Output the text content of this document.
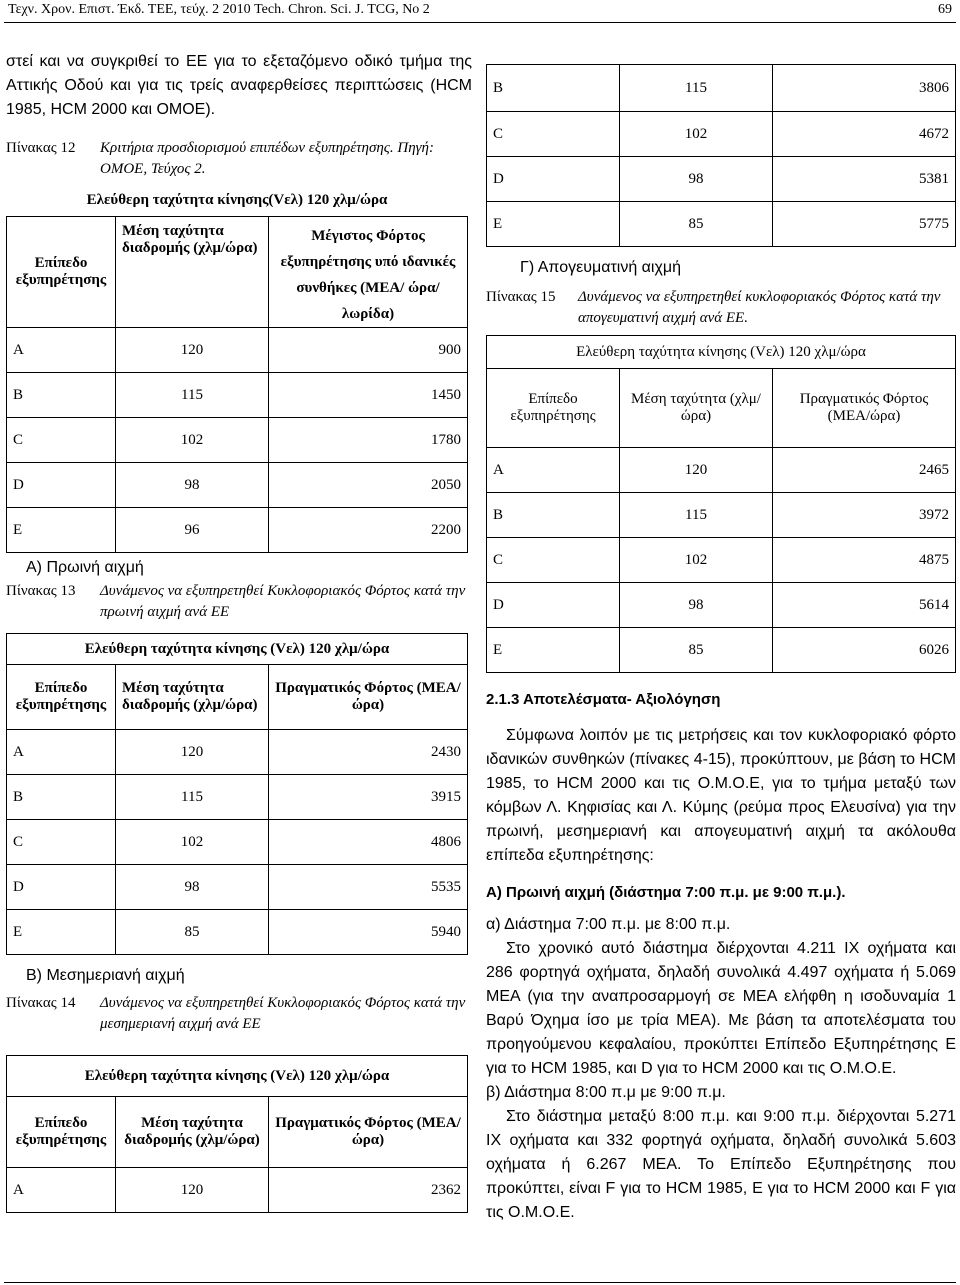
Τεχν. Χρον. Επιστ. Έκδ. ΤΕΕ, τεύχ. 2 2010 Tech. Chron. Sci. J. TCG, No 2	69
στεί και να συγκριθεί το ΕΕ για το εξεταζόμενο οδικό τμήμα της Αττικής Οδού και για τις τρείς αναφερθείσες περιπτώσεις (HCM 1985, HCM 2000 και ΟΜΟΕ).
Πίνακας 12	Κριτήρια προσδιορισμού επιπέδων εξυπηρέτησης. Πηγή: ΟΜΟΕ, Τεύχος 2.
Ελεύθερη ταχύτητα κίνησης(Vελ) 120 χλμ/ώρα		
Επίπεδο εξυπηρέτησης	Μέση ταχύτητα διαδρομής (χλμ/ώρα)	Μέγιστος Φόρτος εξυπηρέτησης υπό ιδανικές συνθήκες (ΜΕΑ/ ώρα/λωρίδα)
A	120	900
B	115	1450
C	102	1780
D	98	2050
E	96	2200
Α) Πρωινή αιχμή
Πίνακας 13	Δυνάμενος να εξυπηρετηθεί Κυκλοφοριακός Φόρτος κατά την πρωινή αιχμή ανά ΕΕ
Ελεύθερη ταχύτητα κίνησης (Vελ) 120 χλμ/ώρα		
Επίπεδο εξυπηρέτησης	Μέση ταχύτητα διαδρομής (χλμ/ώρα)	Πραγματικός Φόρτος (ΜΕΑ/ώρα)
A	120	2430
B	115	3915
C	102	4806
D	98	5535
E	85	5940
Β) Μεσημεριανή αιχμή
Πίνακας 14	Δυνάμενος να εξυπηρετηθεί Κυκλοφοριακός Φόρτος κατά την μεσημεριανή αιχμή ανά ΕΕ
Ελεύθερη ταχύτητα κίνησης (Vελ) 120 χλμ/ώρα		
Επίπεδο εξυπηρέτησης	Μέση ταχύτητα διαδρομής (χλμ/ώρα)	Πραγματικός Φόρτος (ΜΕΑ/ώρα)
A	120	2362
B	115	3806
C	102	4672
D	98	5381
E	85	5775
Γ) Απογευματινή αιχμή
Πίνακας 15	Δυνάμενος να εξυπηρετηθεί κυκλοφοριακός Φόρτος κατά την απογευματινή αιχμή ανά ΕΕ.
Ελεύθερη ταχύτητα κίνησης (Vελ) 120 χλμ/ώρα		
Επίπεδο εξυπηρέτησης	Μέση ταχύτητα (χλμ/ώρα)	Πραγματικός Φόρτος (ΜΕΑ/ώρα)
A	120	2465
B	115	3972
C	102	4875
D	98	5614
E	85	6026
2.1.3 Αποτελέσματα- Αξιολόγηση
Σύμφωνα λοιπόν με τις μετρήσεις και τον κυκλοφοριακό φόρτο ιδανικών συνθηκών (πίνακες 4-15), προκύπτουν, με βάση το HCM 1985, το HCM 2000 και τις Ο.Μ.Ο.Ε, για το τμήμα μεταξύ των κόμβων Λ. Κηφισίας και Λ. Κύμης (ρεύμα προς Ελευσίνα) για την πρωινή, μεσημεριανή και απογευματινή αιχμή τα ακόλουθα επίπεδα εξυπηρέτησης:
Α) Πρωινή αιχμή (διάστημα 7:00 π.μ. με 9:00 π.μ.).
α) Διάστημα 7:00 π.μ. με 8:00 π.μ.
Στο χρονικό αυτό διάστημα διέρχονται 4.211 ΙΧ οχήματα και 286 φορτηγά οχήματα, δηλαδή συνολικά 4.497 οχήματα ή 5.069 ΜΕΑ (για την αναπροσαρμογή σε ΜΕΑ ελήφθη η ισοδυναμία 1 Βαρύ Όχημα ίσο με τρία ΜΕΑ). Με βάση τα αποτελέσματα του προηγούμενου κεφαλαίου, προκύπτει Επίπεδο Εξυπηρέτησης Ε για το HCM 1985, και D για το HCM 2000 και τις Ο.Μ.Ο.Ε.
β) Διάστημα 8:00 π.μ με 9:00 π.μ.
Στο διάστημα μεταξύ 8:00 π.μ. και 9:00 π.μ. διέρχονται 5.271 ΙΧ οχήματα και 332 φορτηγά οχήματα, δηλαδή συνολικά 5.603 οχήματα ή 6.267 ΜΕΑ. Το Επίπεδο Εξυπηρέτησης που προκύπτει, είναι F για το HCM 1985, E για το HCM 2000 και F για τις Ο.Μ.Ο.Ε.
